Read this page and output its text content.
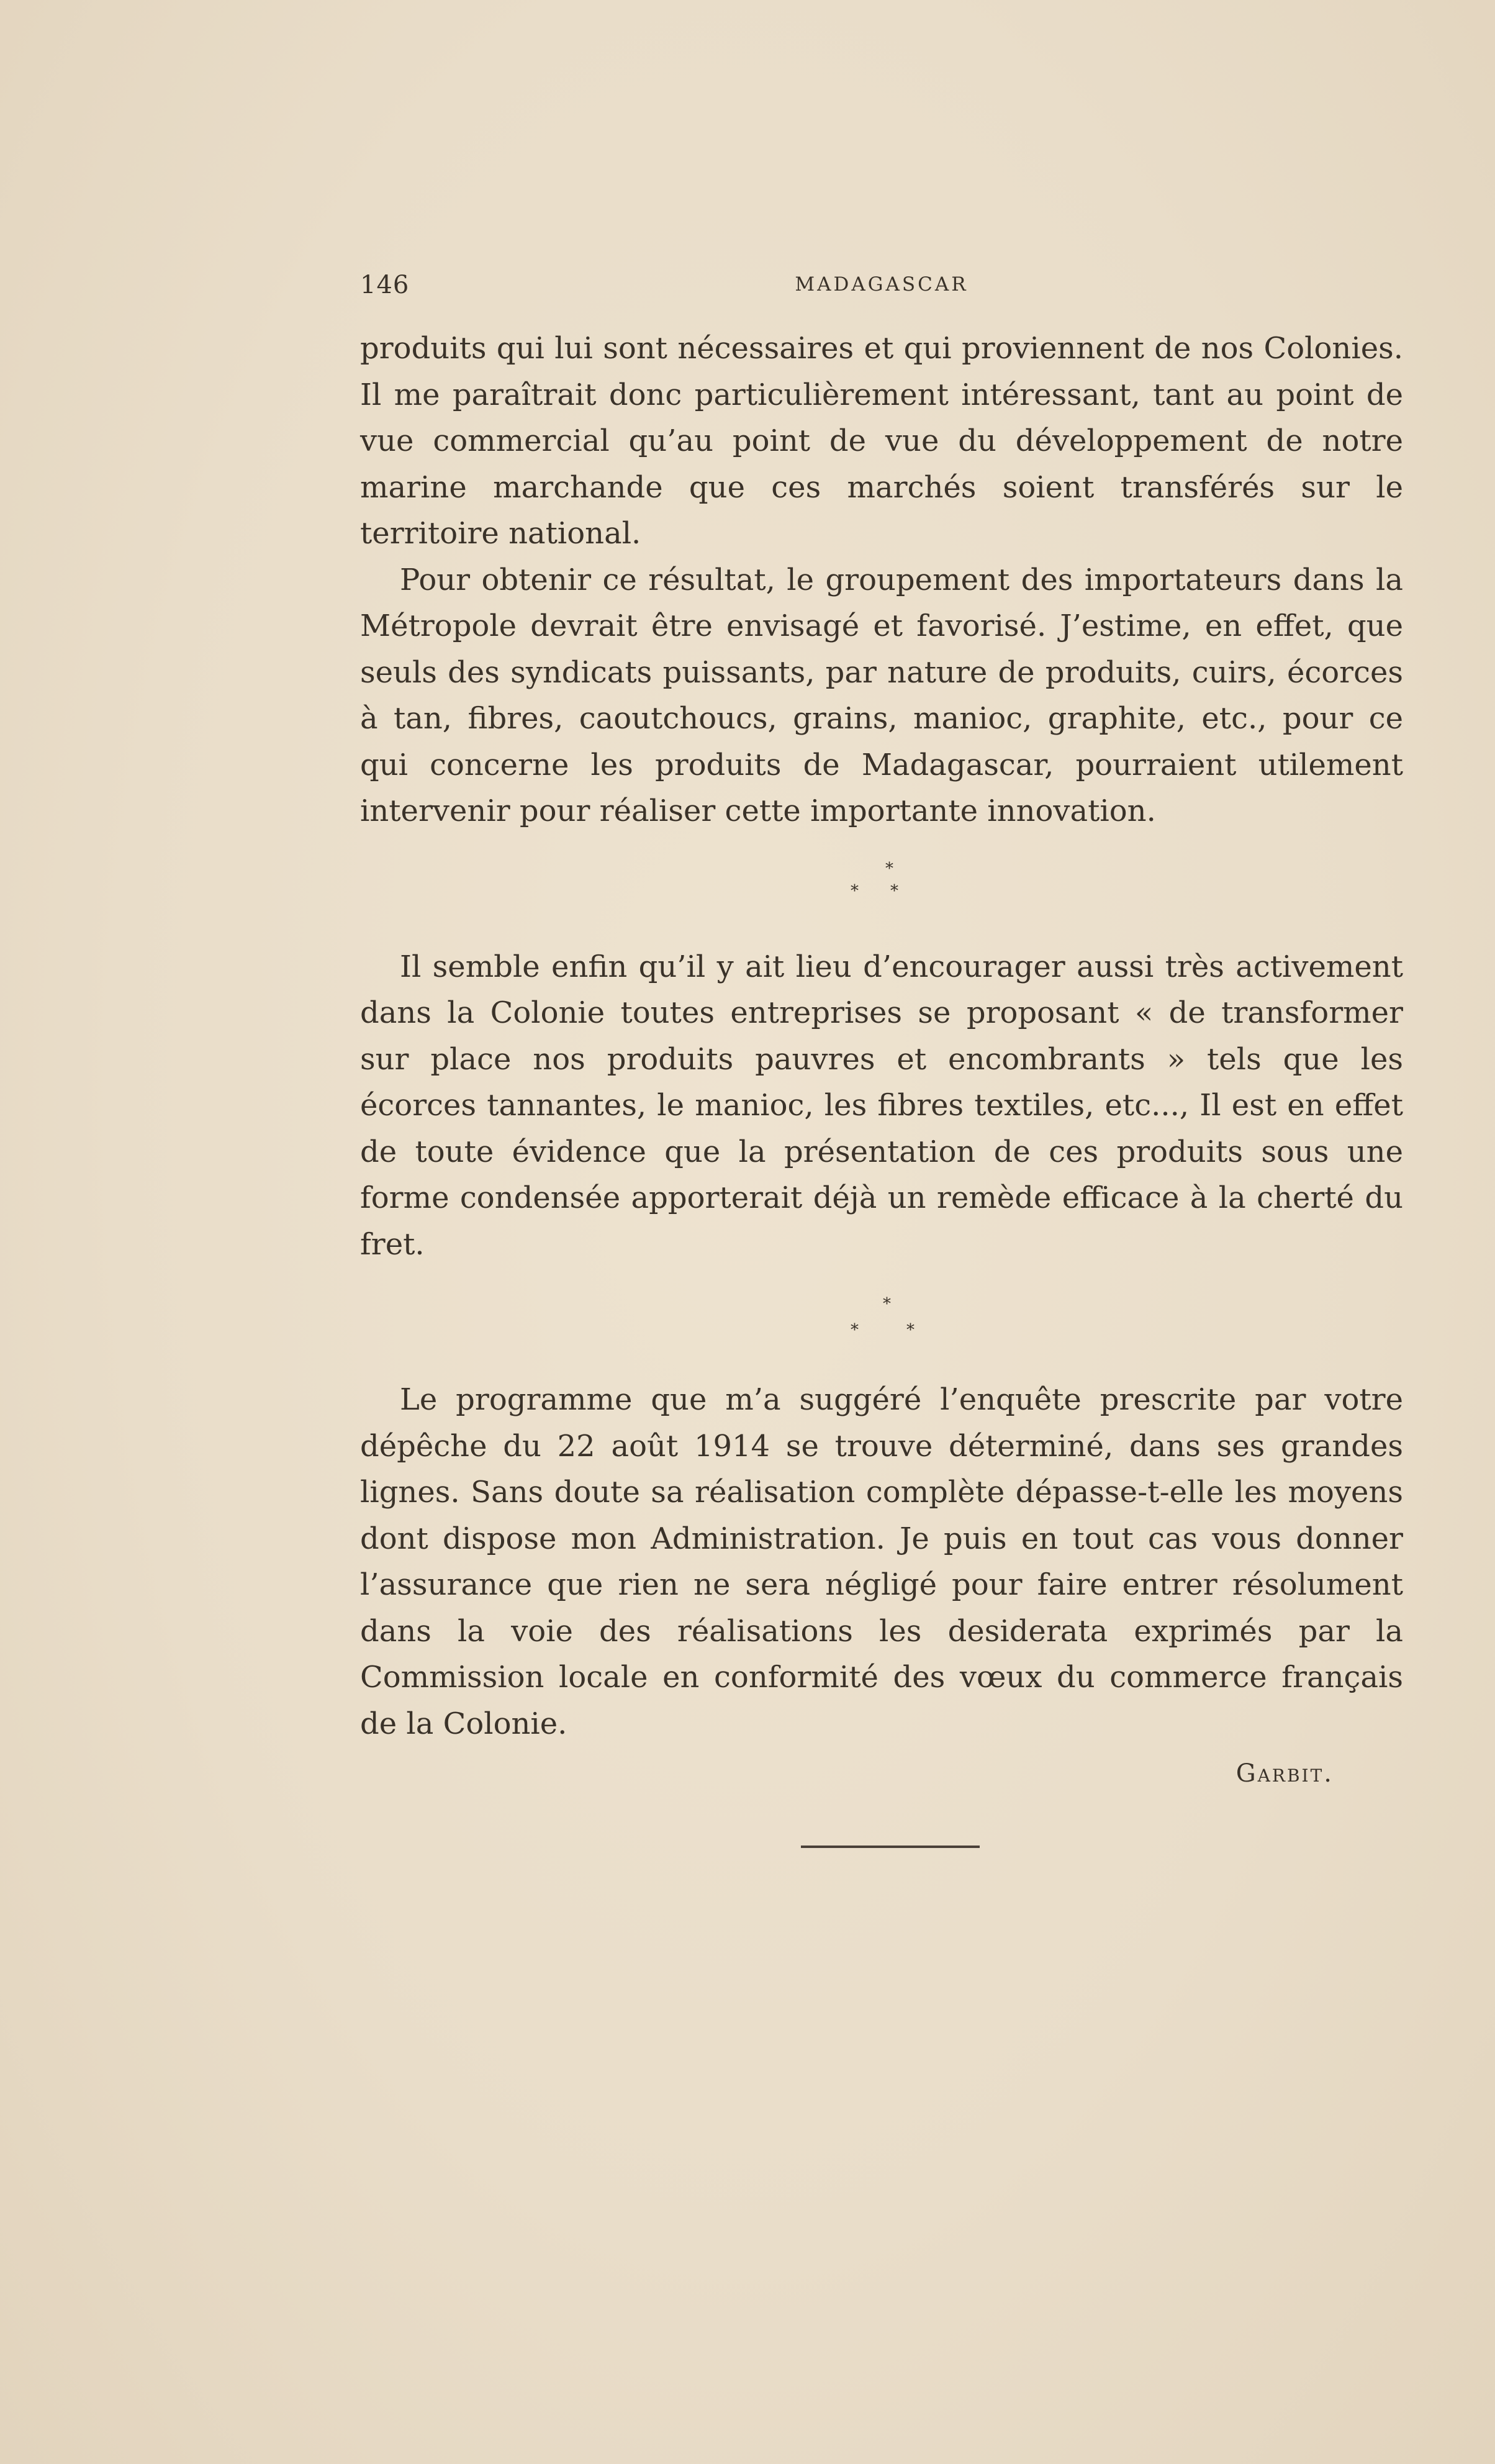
146	MADAGASCAR

produits qui lui sont nécessaires et qui proviennent de nos Colonies. Il me paraîtrait donc particulièrement intéressant, tant au point de vue commercial qu’au point de vue du développement de notre marine marchande que ces marchés soient transférés sur le territoire national.

Pour obtenir ce résultat, le groupement des importateurs dans la Métropole devrait être envisagé et favorisé. J’estime, en effet, que seuls des syndicats puissants, par nature de produits, cuirs, écorces à tan, fibres, caoutchoucs, grains, manioc, graphite, etc., pour ce qui concerne les produits de Madagascar, pourraient utilement intervenir pour réaliser cette importante innovation.

*
* *

Il semble enfin qu’il y ait lieu d’encourager aussi très activement dans la Colonie toutes entreprises se proposant « de transformer sur place nos produits pauvres et encombrants » tels que les écorces tannantes, le manioc, les fibres textiles, etc..., Il est en effet de toute évidence que la présentation de ces produits sous une forme condensée apporterait déjà un remède efficace à la cherté du fret.

*
*	*

Le programme que m’a suggéré l’enquête prescrite par votre dépêche du 22 août 1914 se trouve déterminé, dans ses grandes lignes. Sans doute sa réalisation complète dépasse-t-elle les moyens dont dispose mon Administration. Je puis en tout cas vous donner l’assurance que rien ne sera négligé pour faire entrer résolument dans la voie des réalisations les desiderata exprimés par la Commission locale en conformité des vœux du commerce français de la Colonie.

Garbit.
